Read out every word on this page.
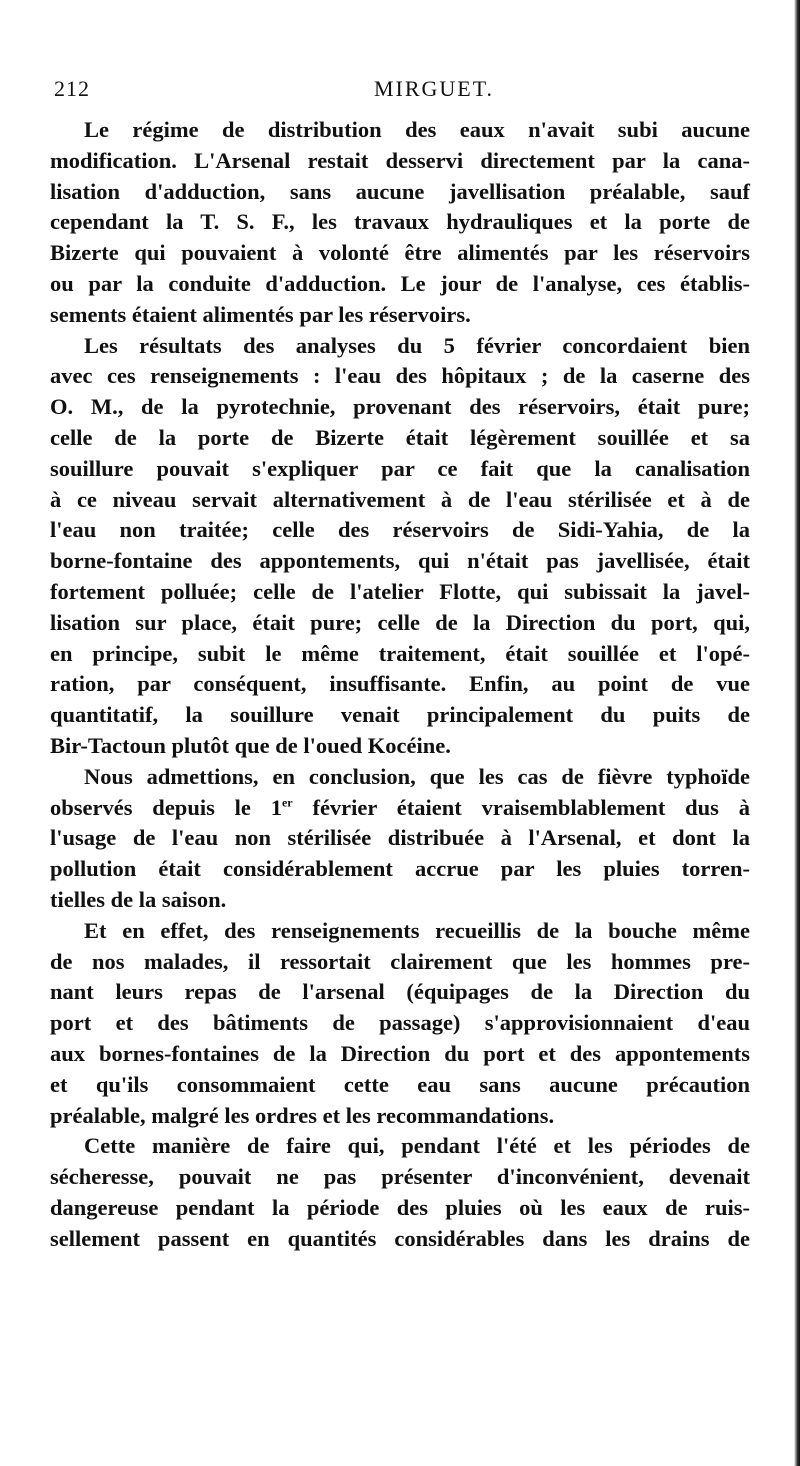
212	MIRGUET.
Le régime de distribution des eaux n'avait subi aucune
modification. L'Arsenal restait desservi directement par la cana-
lisation d'adduction, sans aucune javellisation préalable, sauf
cependant la T. S. F., les travaux hydrauliques et la porte de
Bizerte qui pouvaient à volonté être alimentés par les réservoirs
ou par la conduite d'adduction. Le jour de l'analyse, ces établis-
sements étaient alimentés par les réservoirs.
Les résultats des analyses du 5 février concordaient bien
avec ces renseignements : l'eau des hôpitaux ; de la caserne des
O. M., de la pyrotechnie, provenant des réservoirs, était pure;
celle de la porte de Bizerte était légèrement souillée et sa
souillure pouvait s'expliquer par ce fait que la canalisation
à ce niveau servait alternativement à de l'eau stérilisée et à de
l'eau non traitée; celle des réservoirs de Sidi-Yahia, de la
borne-fontaine des appontements, qui n'était pas javellisée, était
fortement polluée; celle de l'atelier Flotte, qui subissait la javel-
lisation sur place, était pure; celle de la Direction du port, qui,
en principe, subit le même traitement, était souillée et l'opé-
ration, par conséquent, insuffisante. Enfin, au point de vue
quantitatif, la souillure venait principalement du puits de
Bir-Tactoun plutôt que de l'oued Kocéine.
Nous admettions, en conclusion, que les cas de fièvre typhoïde
observés depuis le 1er février étaient vraisemblablement dus à
l'usage de l'eau non stérilisée distribuée à l'Arsenal, et dont la
pollution était considérablement accrue par les pluies torren-
tielles de la saison.
Et en effet, des renseignements recueillis de la bouche même
de nos malades, il ressortait clairement que les hommes pre-
nant leurs repas de l'arsenal (équipages de la Direction du
port et des bâtiments de passage) s'approvisionnaient d'eau
aux bornes-fontaines de la Direction du port et des appontements
et qu'ils consommaient cette eau sans aucune précaution
préalable, malgré les ordres et les recommandations.
Cette manière de faire qui, pendant l'été et les périodes de
sécheresse, pouvait ne pas présenter d'inconvénient, devenait
dangereuse pendant la période des pluies où les eaux de ruis-
sellement passent en quantités considérables dans les drains de
